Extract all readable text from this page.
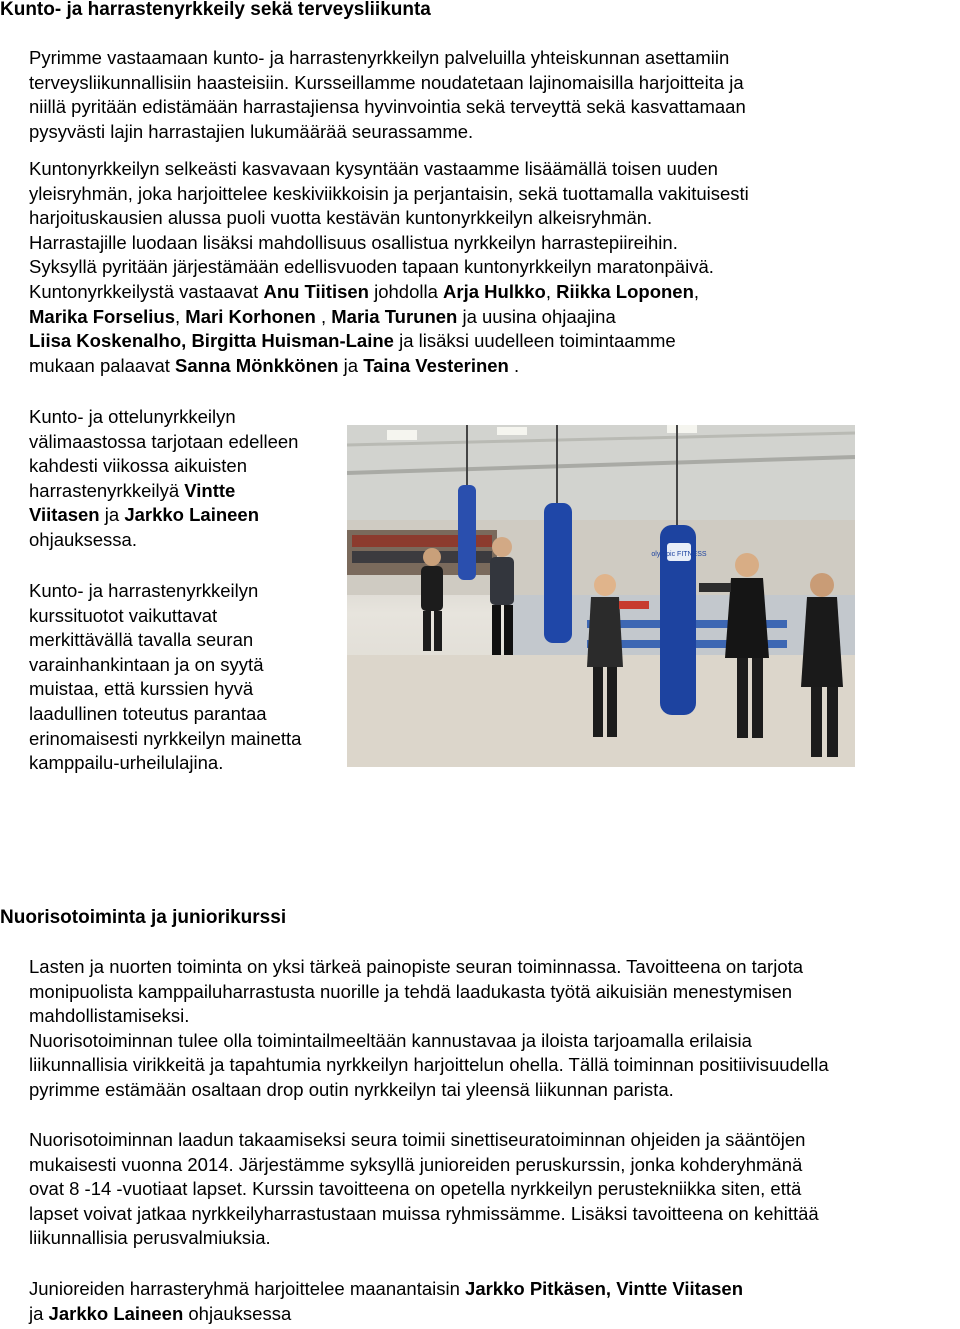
Kunto- ja harrastenyrkkeily sekä terveysliikunta
Pyrimme vastaamaan kunto- ja harrastenyrkkeilyn palveluilla yhteiskunnan asettamiin
terveysliikunnallisiin haasteisiin. Kursseillamme noudatetaan lajinomaisilla harjoitteita ja
niillä pyritään edistämään harrastajiensa hyvinvointia sekä terveyttä sekä kasvattamaan
pysyvästi lajin harrastajien lukumäärää seurassamme.
Kuntonyrkkeilyn selkeästi kasvavaan kysyntään vastaamme lisäämällä toisen uuden
yleisryhmän, joka harjoittelee keskiviikkoisin ja perjantaisin, sekä tuottamalla vakituisesti
harjoituskausien alussa puoli vuotta kestävän kuntonyrkkeilyn alkeisryhmän.
Harrastajille luodaan lisäksi mahdollisuus osallistua nyrkkeilyn harrastepiireihin.
Syksyllä pyritään järjestämään edellisvuoden tapaan kuntonyrkkeilyn maratonpäivä.
Kuntonyrkkeilystä vastaavat Anu Tiitisen johdolla Arja Hulkko, Riikka Loponen,
Marika Forselius, Mari Korhonen , Maria Turunen ja uusina ohjaajina
Liisa Koskenalho, Birgitta Huisman-Laine ja lisäksi uudelleen toimintaamme
mukaan palaavat Sanna Mönkkönen ja Taina Vesterinen .
Kunto- ja ottelunyrkkeilyn
välimaastossa tarjotaan edelleen
kahdesti viikossa aikuisten
harrastenyrkkeilyä Vintte
Viitasen ja Jarkko Laineen
ohjauksessa.
Kunto- ja harrastenyrkkeilyn
kurssituotot vaikuttavat
merkittävällä tavalla seuran
varainhankintaan ja on syytä
muistaa, että kurssien hyvä
laadullinen toteutus parantaa
erinomaisesti nyrkkeilyn mainetta
kamppailu-urheilulajina.
olympic FITNESS
Nuorisotoiminta ja juniorikurssi
Lasten ja nuorten toiminta on yksi tärkeä painopiste seuran toiminnassa. Tavoitteena on tarjota
monipuolista kamppailuharrastusta nuorille ja tehdä laadukasta työtä aikuisiän menestymisen
mahdollistamiseksi.
Nuorisotoiminnan tulee olla toimintailmeeltään kannustavaa ja iloista tarjoamalla erilaisia
liikunnallisia virikkeitä ja tapahtumia nyrkkeilyn harjoittelun ohella. Tällä toiminnan positiivisuudella
pyrimme estämään osaltaan drop outin nyrkkeilyn tai yleensä liikunnan parista.
Nuorisotoiminnan laadun takaamiseksi seura toimii sinettiseuratoiminnan ohjeiden ja sääntöjen
mukaisesti vuonna 2014. Järjestämme syksyllä junioreiden peruskurssin, jonka kohderyhmänä
ovat 8 -14 -vuotiaat lapset. Kurssin tavoitteena on opetella nyrkkeilyn perustekniikka siten, että
lapset voivat jatkaa nyrkkeilyharrastustaan muissa ryhmissämme. Lisäksi tavoitteena on kehittää
liikunnallisia perusvalmiuksia.
Junioreiden harrasteryhmä harjoittelee maanantaisin Jarkko Pitkäsen, Vintte Viitasen
ja Jarkko Laineen ohjauksessa
